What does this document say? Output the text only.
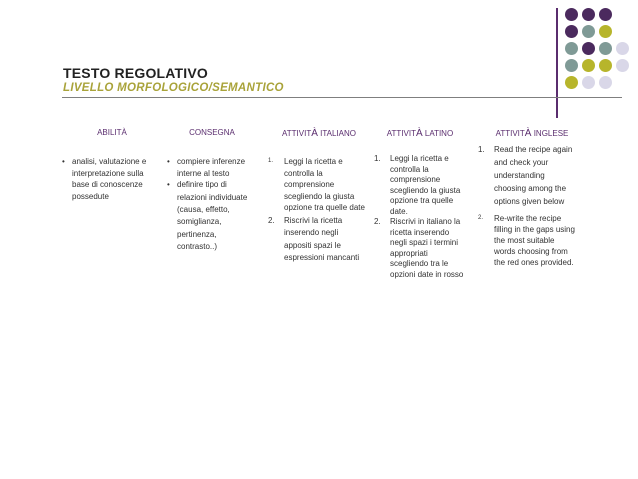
TESTO REGOLATIVO
LIVELLO MORFOLOGICO/SEMANTICO
ABILITÀ
• analisi, valutazione e interpretazione sulla base di conoscenze possedute
CONSEGNA
• compiere inferenze interne al testo
• definire tipo di relazioni individuate (causa, effetto, somiglianza, pertinenza, contrasto..)
ATTIVITÀ ITALIANO
1. Leggi la ricetta e controlla la comprensione scegliendo la giusta opzione tra quelle date
2. Riscrivi la ricetta inserendo negli appositi spazi le espressioni mancanti
ATTIVITÀ LATINO
1. Leggi la ricetta e controlla la comprensione scegliendo la giusta opzione tra quelle date.
2. Riscrivi in italiano la ricetta inserendo negli spazi i termini appropriati scegliendo tra le opzioni date in rosso
ATTIVITÀ INGLESE
1. Read the recipe again and check your understanding choosing among the options given below
2. Re-write the recipe filling in the gaps using the most suitable words choosing from the red ones provided.
